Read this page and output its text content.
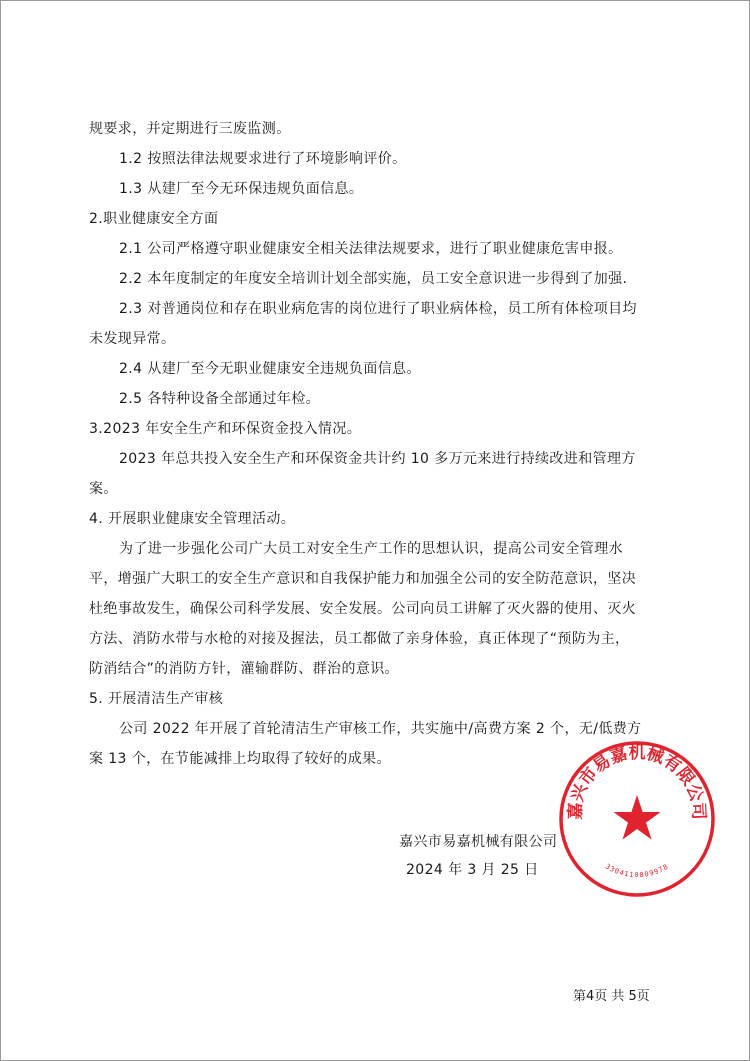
规要求，并定期进行三废监测。
1.2 按照法律法规要求进行了环境影响评价。
1.3 从建厂至今无环保违规负面信息。
2.职业健康安全方面
2.1 公司严格遵守职业健康安全相关法律法规要求，进行了职业健康危害申报。
2.2 本年度制定的年度安全培训计划全部实施，员工安全意识进一步得到了加强.
2.3 对普通岗位和存在职业病危害的岗位进行了职业病体检，员工所有体检项目均
未发现异常。
2.4 从建厂至今无职业健康安全违规负面信息。
2.5 各特种设备全部通过年检。
3.2023 年安全生产和环保资金投入情况。
2023 年总共投入安全生产和环保资金共计约 10 多万元来进行持续改进和管理方
案。
4. 开展职业健康安全管理活动。
为了进一步强化公司广大员工对安全生产工作的思想认识，提高公司安全管理水
平，增强广大职工的安全生产意识和自我保护能力和加强全公司的安全防范意识，坚决
杜绝事故发生，确保公司科学发展、安全发展。公司向员工讲解了灭火器的使用、灭火
方法、消防水带与水枪的对接及握法，员工都做了亲身体验，真正体现了“预防为主，
防消结合”的消防方针，灌输群防、群治的意识。
5. 开展清洁生产审核
公司 2022 年开展了首轮清洁生产审核工作，共实施中/高费方案 2 个，无/低费方
案 13 个，在节能减排上均取得了较好的成果。
嘉兴市易嘉机械有限公司
2024 年 3 月 25 日
嘉兴市易嘉机械有限公司
3304110009978
第4页 共 5页
